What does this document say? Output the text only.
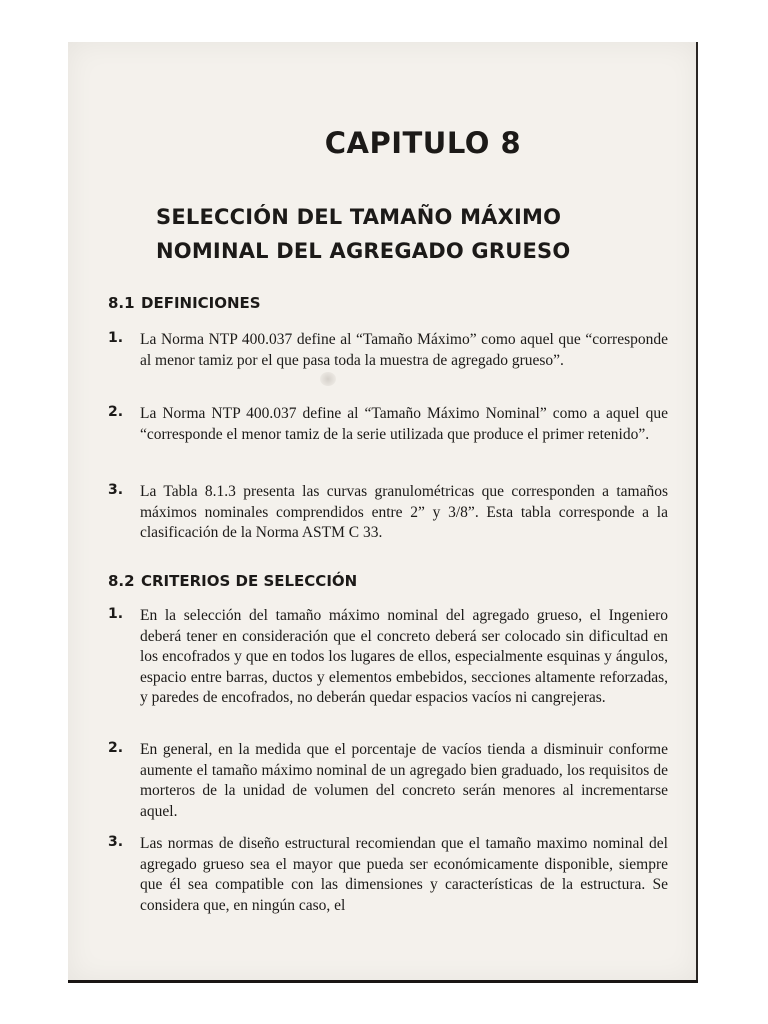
CAPITULO 8
SELECCIÓN DEL TAMAÑO MÁXIMO
NOMINAL DEL AGREGADO GRUESO
8.1 DEFINICIONES
1. La Norma NTP 400.037 define al “Tamaño Máximo” como aquel que “corresponde al menor tamiz por el que pasa toda la muestra de agregado grueso”.
2. La Norma NTP 400.037 define al “Tamaño Máximo Nominal” como a aquel que “corresponde el menor tamiz de la serie utilizada que produce el primer retenido”.
3. La Tabla 8.1.3 presenta las curvas granulométricas que corresponden a tamaños máximos nominales comprendidos entre 2” y 3/8”. Esta tabla corresponde a la clasificación de la Norma ASTM C 33.
8.2 CRITERIOS DE SELECCIÓN
1. En la selección del tamaño máximo nominal del agregado grueso, el Ingeniero deberá tener en consideración que el concreto deberá ser colocado sin dificultad en los encofrados y que en todos los lugares de ellos, especialmente esquinas y ángulos, espacio entre barras, ductos y elementos embebidos, secciones altamente reforzadas, y paredes de encofrados, no deberán quedar espacios vacíos ni cangrejeras.
2. En general, en la medida que el porcentaje de vacíos tienda a disminuir conforme aumente el tamaño máximo nominal de un agregado bien graduado, los requisitos de morteros de la unidad de volumen del concreto serán menores al incrementarse aquel.
3. Las normas de diseño estructural recomiendan que el tamaño maximo nominal del agregado grueso sea el mayor que pueda ser económicamente disponible, siempre que él sea compatible con las dimensiones y características de la estructura. Se considera que, en ningún caso, el
